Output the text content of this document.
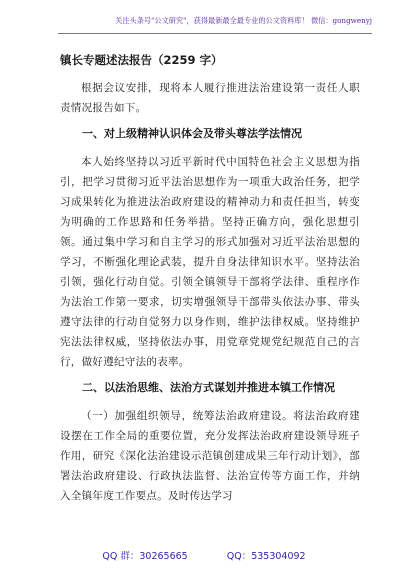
关注头条号"公文研究"，获得最新最全最专业的公文资料库！ 微信：gongwenyj
镇长专题述法报告（2259 字）

根据会议安排，现将本人履行推进法治建设第一责任人职责情况报告如下。

一、对上级精神认识体会及带头尊法学法情况

本人始终坚持以习近平新时代中国特色社会主义思想为指引，把学习贯彻习近平法治思想作为一项重大政治任务，把学习成果转化为推进法治政府建设的精神动力和责任担当，转变为明确的工作思路和任务举措。坚持正确方向，强化思想引领。通过集中学习和自主学习的形式加强对习近平法治思想的学习，不断强化理论武装，提升自身法律知识水平。坚持法治引领，强化行动自觉。引领全镇领导干部将学法律、重程序作为法治工作第一要求，切实增强领导干部带头依法办事、带头遵守法律的行动自觉努力以身作则，维护法律权威。坚持维护宪法法律权威，坚持依法办事，用党章党规党纪规范自己的言行，做好遵纪守法的表率。

二、以法治思维、法治方式谋划并推进本镇工作情况

（一）加强组织领导，统筹法治政府建设。将法治政府建设摆在工作全局的重要位置，充分发挥法治政府建设领导班子作用，研究《深化法治建设示范镇创建成果三年行动计划》，部署法治政府建设、行政执法监督、法治宣传等方面工作，并纳入全镇年度工作要点。及时传达学习

QQ 群：30265665	QQ：535304092
